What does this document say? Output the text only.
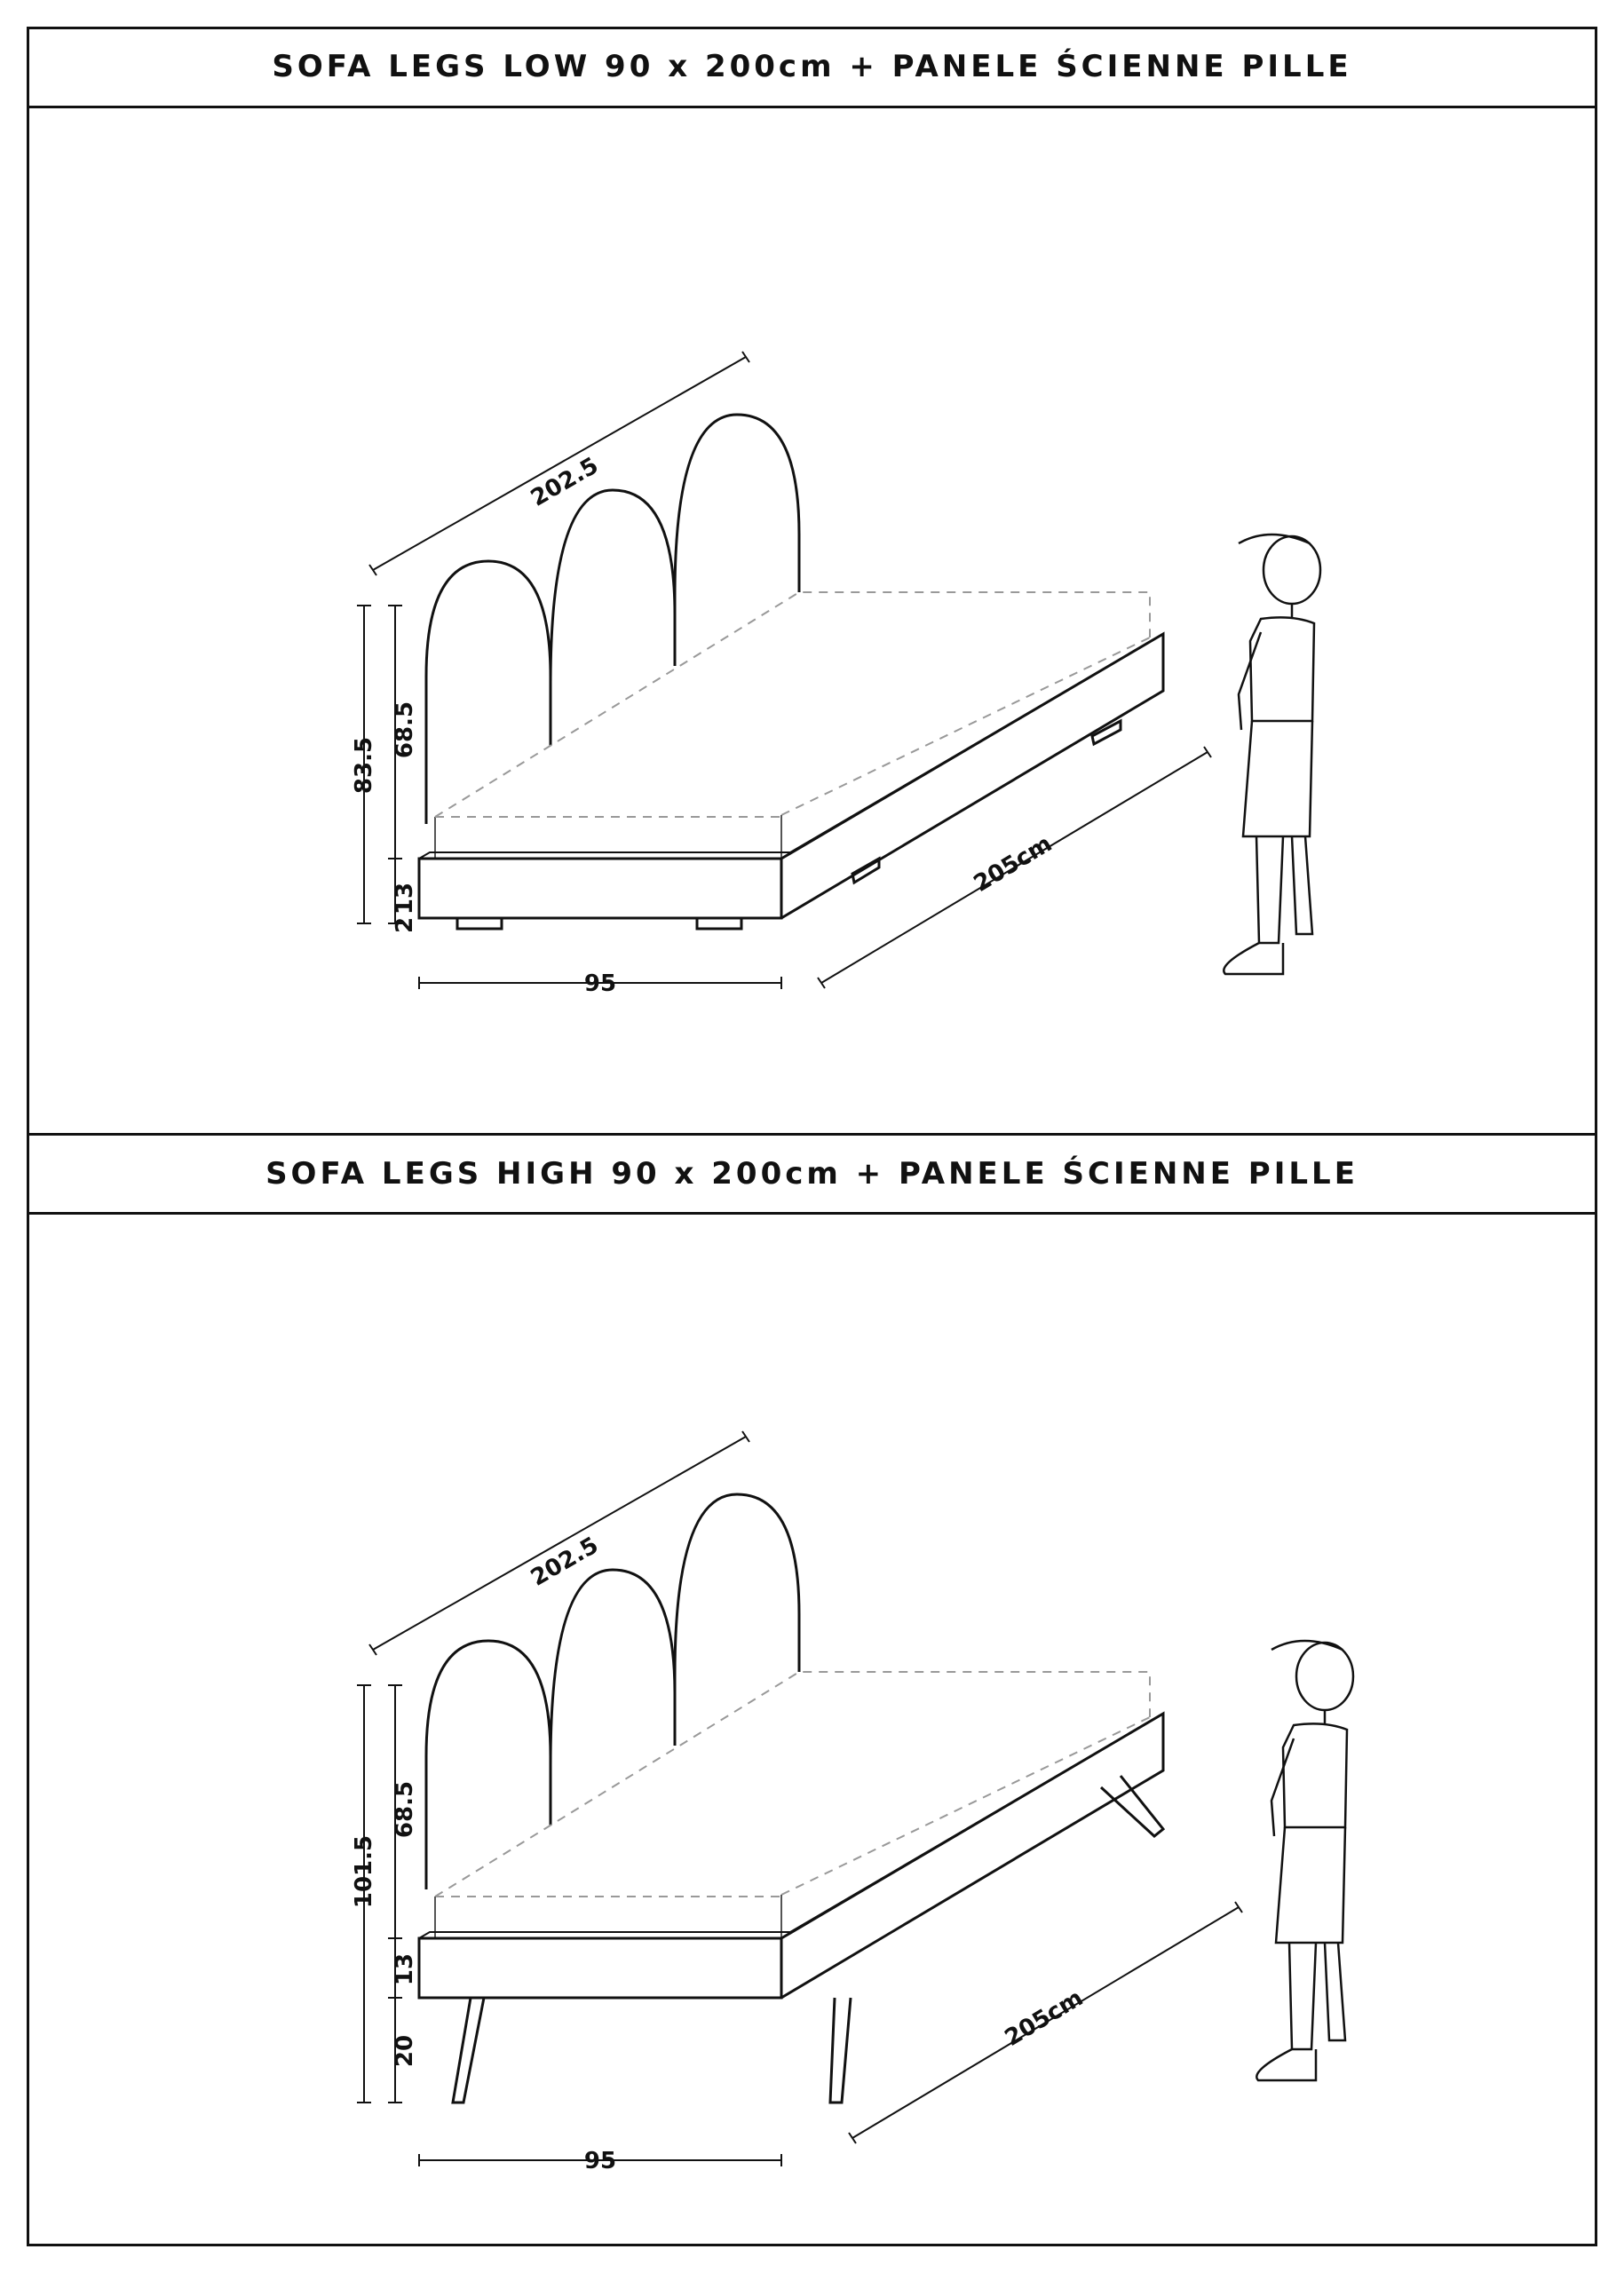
SOFA LEGS LOW 90 x 200cm + PANELE ŚCIENNE PILLE
202.5
83.5
68.5
13
2
95
205cm
SOFA LEGS HIGH 90 x 200cm + PANELE ŚCIENNE PILLE
202.5
101.5
68.5
13
20
95
205cm
